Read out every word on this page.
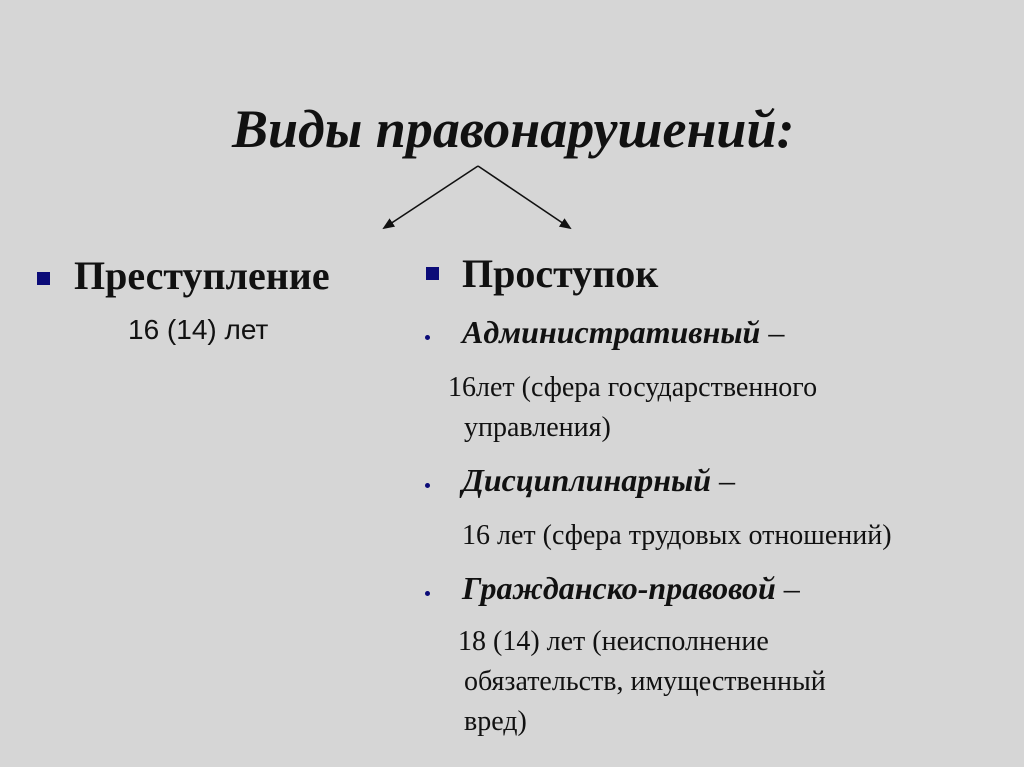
Виды правонарушений:
Преступление
16 (14) лет
Проступок
Административный –
16лет (сфера государственного
управления)
Дисциплинарный –
16 лет (сфера трудовых отношений)
Гражданско-правовой –
18 (14) лет (неисполнение
обязательств, имущественный
вред)
